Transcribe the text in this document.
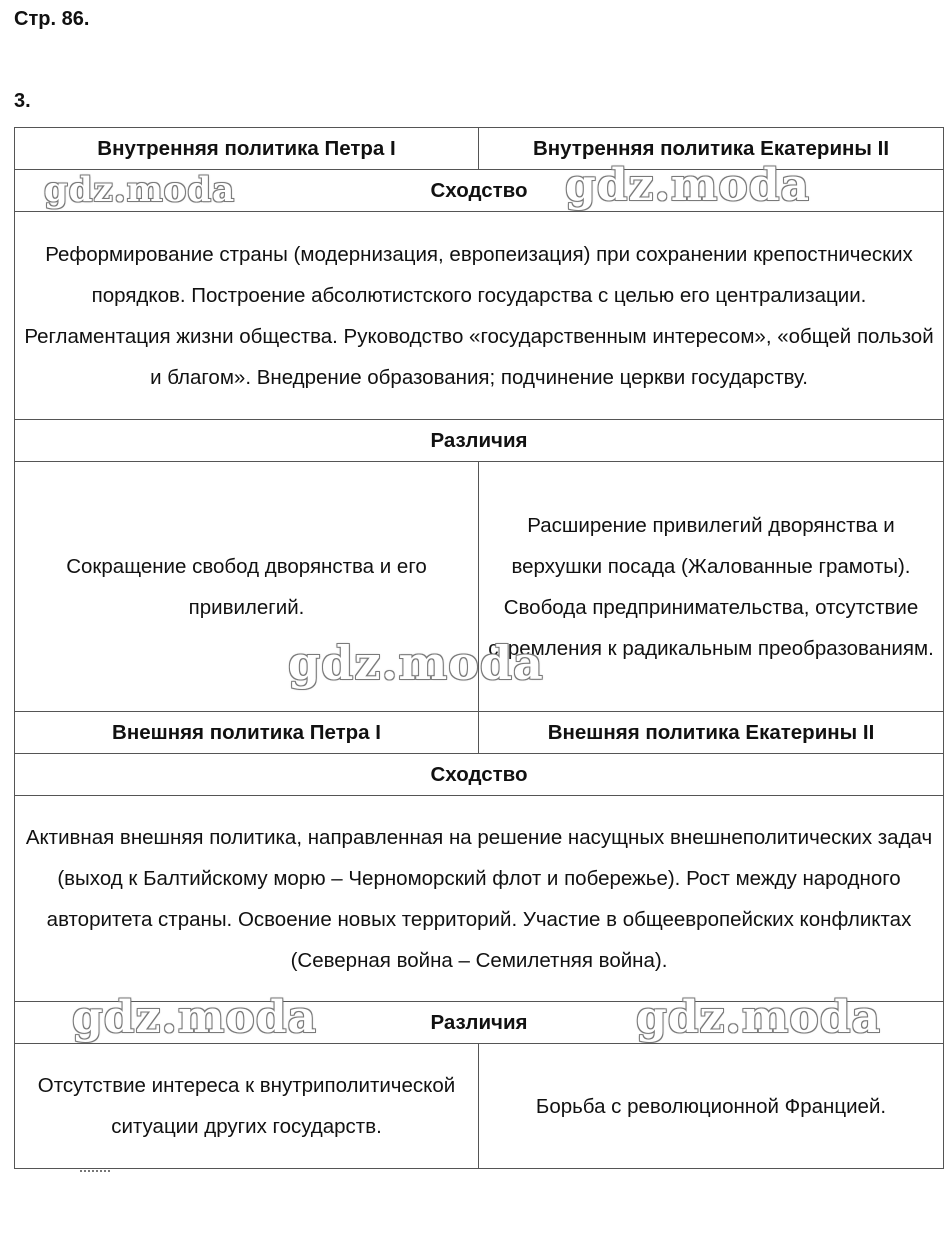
Стр. 86.
3.
Внутренняя политика Петра I	Внутренняя политика Екатерины II
Сходство	
Реформирование страны (модернизация, европеизация) при сохранении крепостнических порядков. Построение абсолютистского государства с целью его централизации. Регламентация жизни общества. Руководство «государственным интересом», «общей пользой и благом». Внедрение образования; подчинение церкви государству.	
Различия	
Сокращение свобод дворянства и его привилегий.	Расширение привилегий дворянства и верхушки посада (Жалованные грамоты). Свобода предпринимательства, отсутствие стремления к радикальным преобразованиям.
Внешняя политика Петра I	Внешняя политика Екатерины II
Сходство	
Активная внешняя политика, направленная на решение насущных внешнеполитических задач (выход к Балтийскому морю – Черноморский флот и побережье). Рост между народного авторитета страны. Освоение новых территорий. Участие в общеевропейских конфликтах (Северная война – Семилетняя война).	
Различия	
Отсутствие интереса к внутриполитической ситуации других государств.	Борьба с революционной Францией.
gdz.moda	gdz.moda
gdz.moda
gdz.moda	gdz.moda
